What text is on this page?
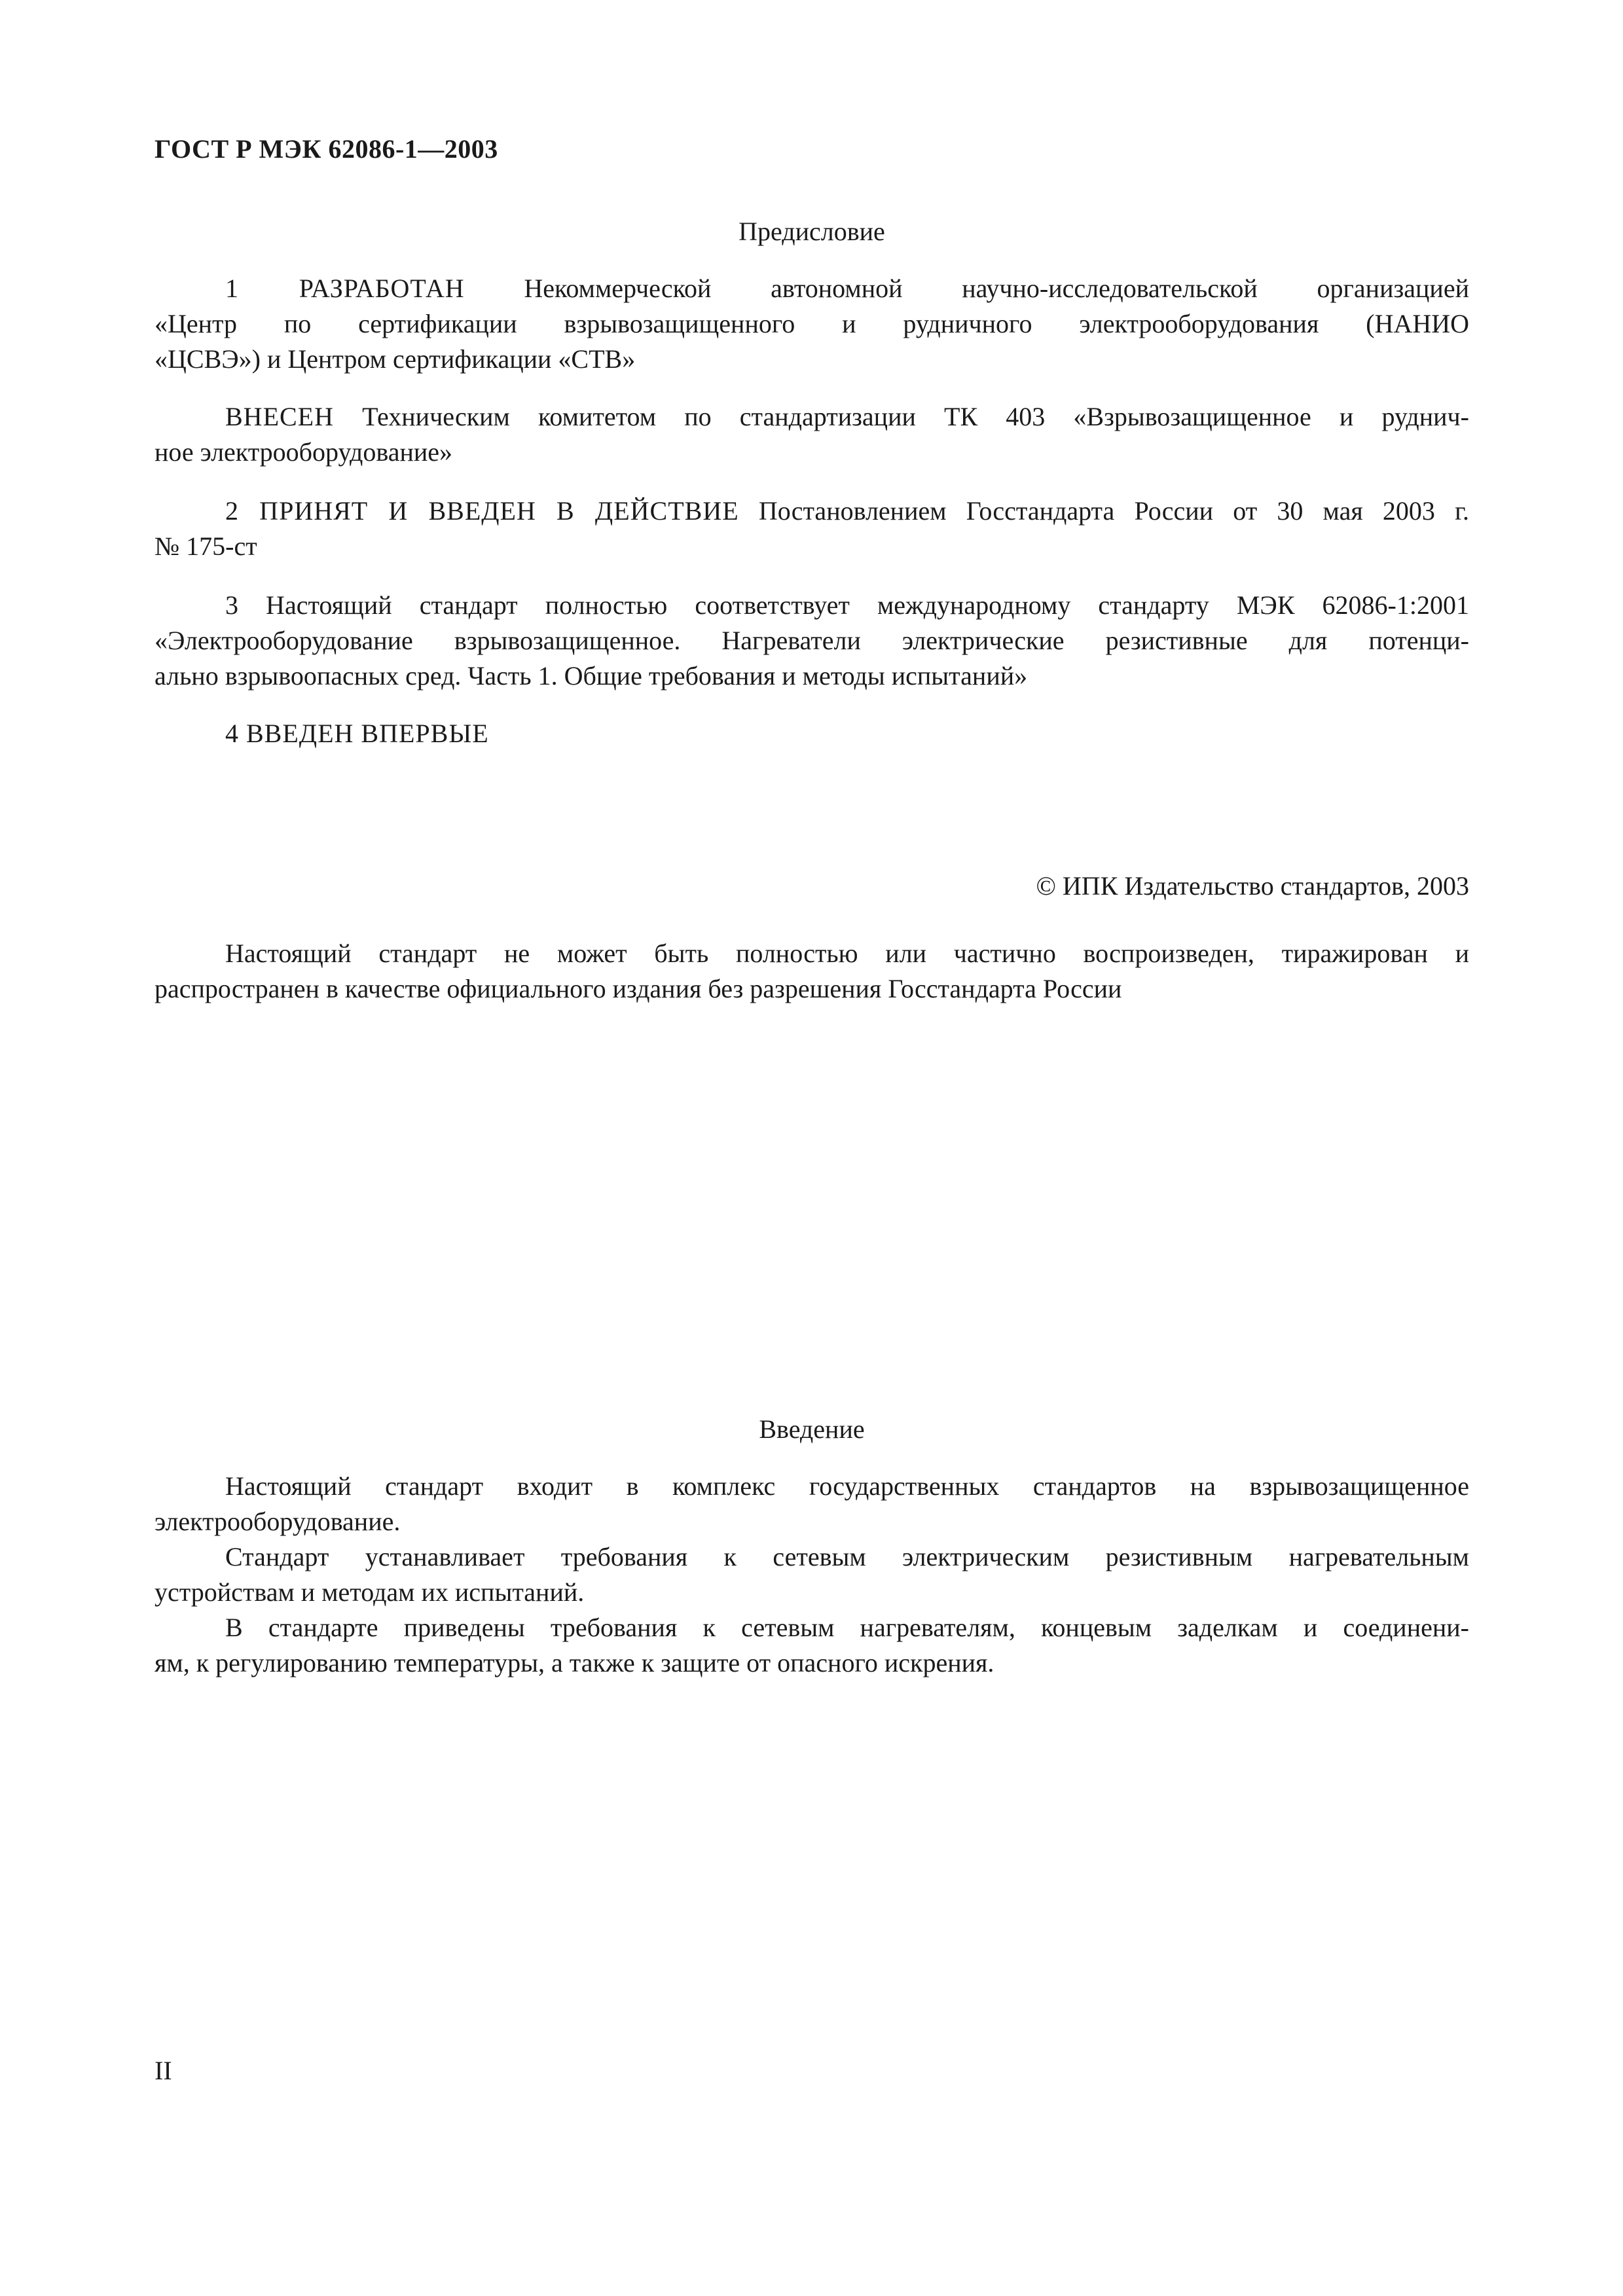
ГОСТ Р МЭК 62086-1—2003
Предисловие
1 РАЗРАБОТАН Некоммерческой автономной научно-исследовательской организацией
«Центр по сертификации взрывозащищенного и рудничного электрооборудования (НАНИО
«ЦСВЭ») и Центром сертификации «СТВ»
ВНЕСЕН Техническим комитетом по стандартизации ТК 403 «Взрывозащищенное и руднич-
ное электрооборудование»
2 ПРИНЯТ И ВВЕДЕН В ДЕЙСТВИЕ Постановлением Госстандарта России от 30 мая 2003 г.
№ 175-ст
3 Настоящий стандарт полностью соответствует международному стандарту МЭК 62086-1:2001
«Электрооборудование взрывозащищенное. Нагреватели электрические резистивные для потенци-
ально взрывоопасных сред. Часть 1. Общие требования и методы испытаний»
4 ВВЕДЕН ВПЕРВЫЕ
© ИПК Издательство стандартов, 2003
Настоящий стандарт не может быть полностью или частично воспроизведен, тиражирован и
распространен в качестве официального издания без разрешения Госстандарта России
Введение
Настоящий стандарт входит в комплекс государственных стандартов на взрывозащищенное
электрооборудование.
Стандарт устанавливает требования к сетевым электрическим резистивным нагревательным
устройствам и методам их испытаний.
В стандарте приведены требования к сетевым нагревателям, концевым заделкам и соединени-
ям, к регулированию температуры, а также к защите от опасного искрения.
II
